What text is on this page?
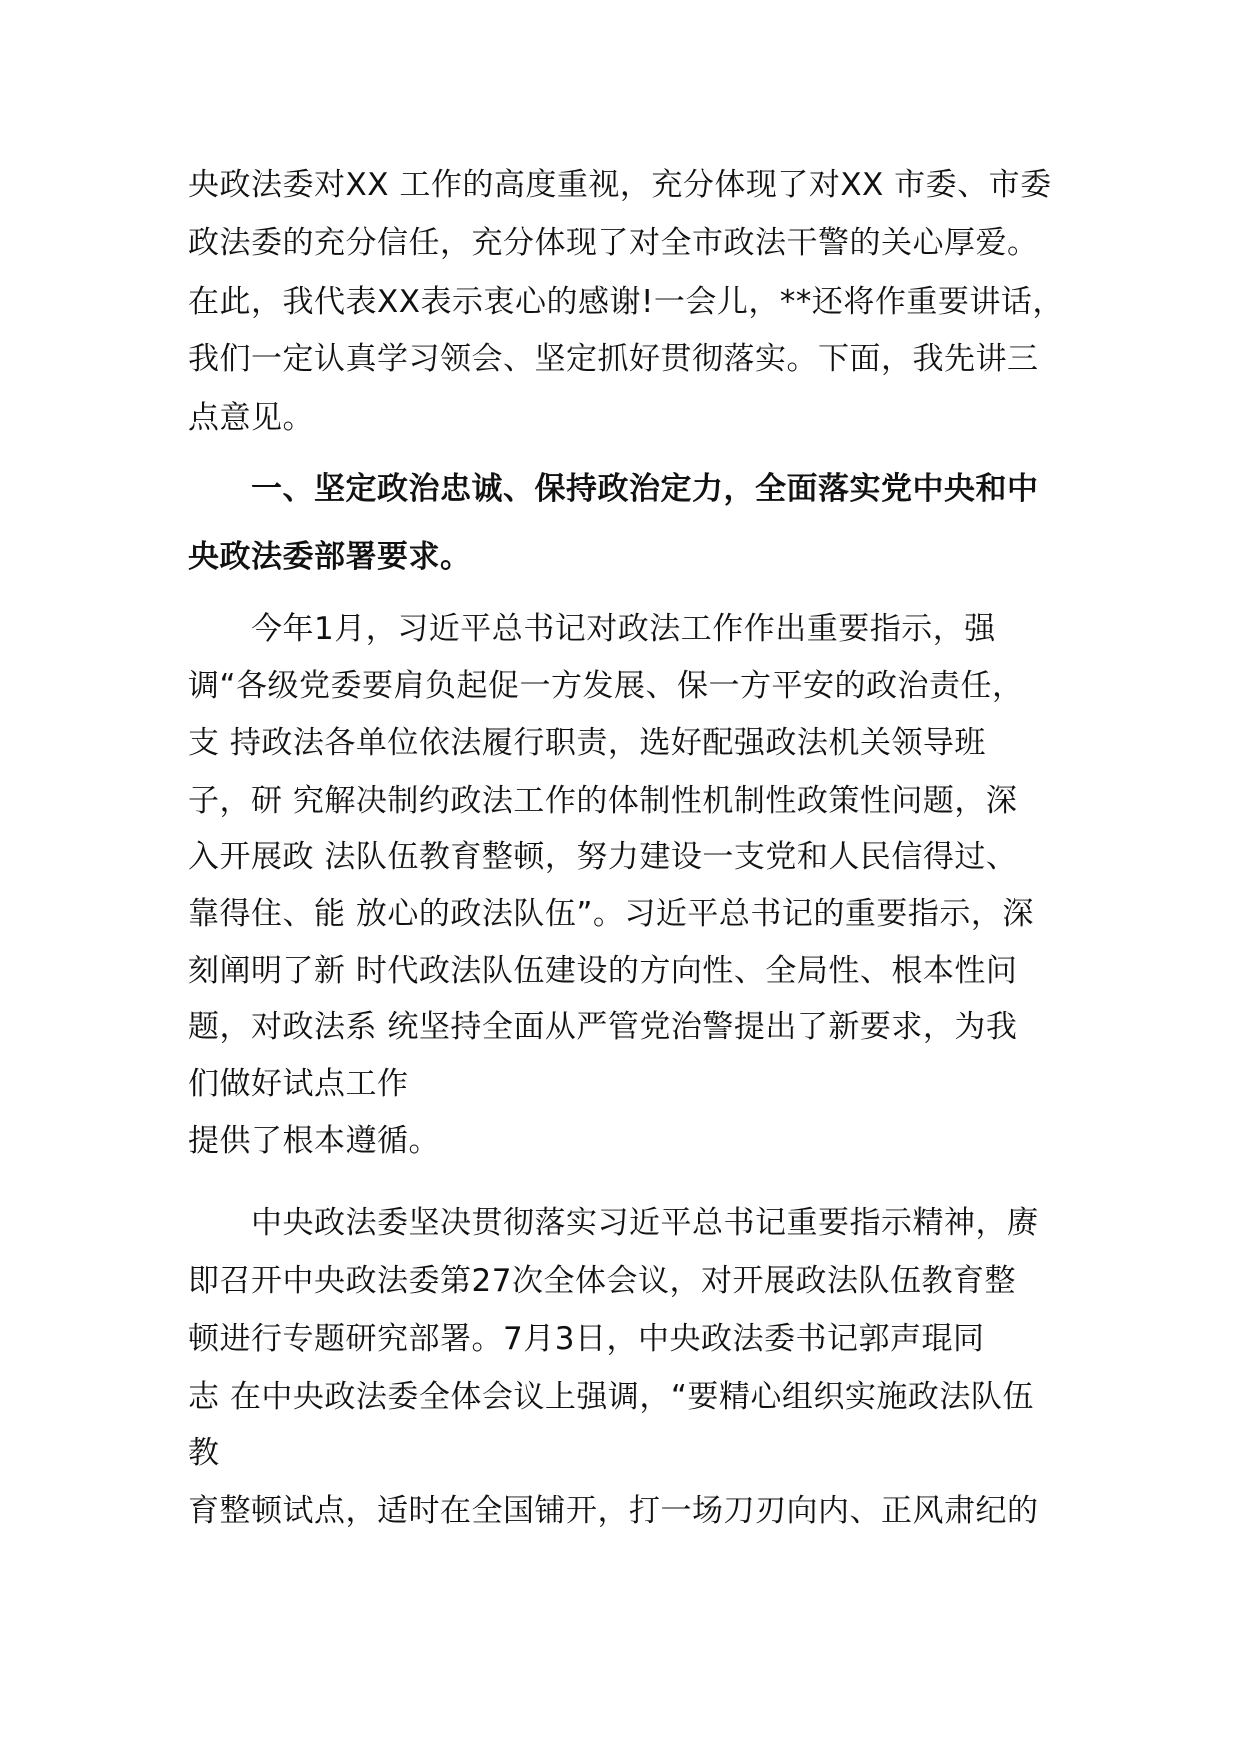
央政法委对XX 工作的高度重视，充分体现了对XX 市委、市委
政法委的充分信任，充分体现了对全市政法干警的关心厚爱。
在此，我代表XX表示衷心的感谢!一会儿，**还将作重要讲话，
我们一定认真学习领会、坚定抓好贯彻落实。下面，我先讲三
点意见。
一、坚定政治忠诚、保持政治定力，全面落实党中央和中
央政法委部署要求。
今年1月，习近平总书记对政法工作作出重要指示，强
调“各级党委要肩负起促一方发展、保一方平安的政治责任，
支 持政法各单位依法履行职责，选好配强政法机关领导班
子，研 究解决制约政法工作的体制性机制性政策性问题，深
入开展政 法队伍教育整顿，努力建设一支党和人民信得过、
靠得住、能 放心的政法队伍”。习近平总书记的重要指示，深
刻阐明了新 时代政法队伍建设的方向性、全局性、根本性问
题，对政法系 统坚持全面从严管党治警提出了新要求，为我
们做好试点工作
提供了根本遵循。
中央政法委坚决贯彻落实习近平总书记重要指示精神，赓
即召开中央政法委第27次全体会议，对开展政法队伍教育整
顿进行专题研究部署。7月3日，中央政法委书记郭声琨同
志 在中央政法委全体会议上强调，“要精心组织实施政法队伍
教
育整顿试点，适时在全国铺开，打一场刀刃向内、正风肃纪的
